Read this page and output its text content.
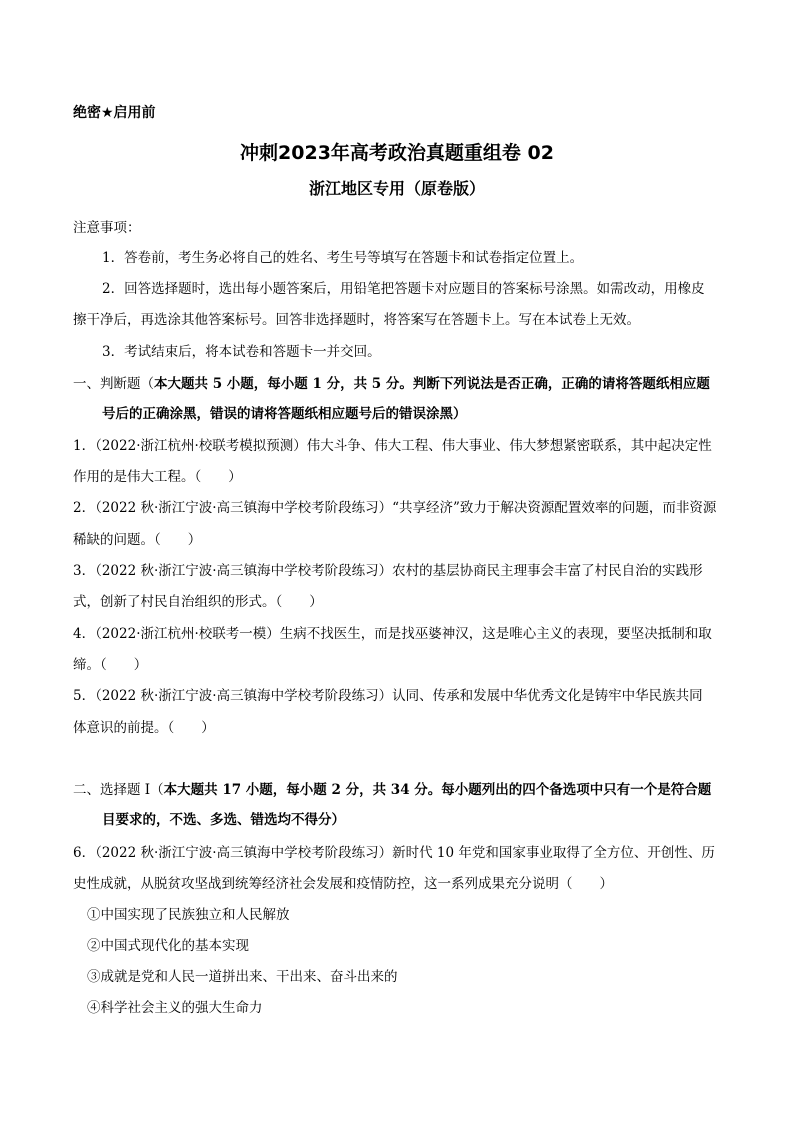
绝密★启用前
冲刺2023年高考政治真题重组卷 02
浙江地区专用（原卷版）
注意事项：
1．答卷前，考生务必将自己的姓名、考生号等填写在答题卡和试卷指定位置上。
2．回答选择题时，选出每小题答案后，用铅笔把答题卡对应题目的答案标号涂黑。如需改动，用橡皮
擦干净后，再选涂其他答案标号。回答非选择题时，将答案写在答题卡上。写在本试卷上无效。
3．考试结束后，将本试卷和答题卡一并交回。
一、判断题（本大题共 5 小题，每小题 1 分，共 5 分。判断下列说法是否正确，正确的请将答题纸相应题
号后的正确涂黑，错误的请将答题纸相应题号后的错误涂黑）
1．（2022·浙江杭州·校联考模拟预测）伟大斗争、伟大工程、伟大事业、伟大梦想紧密联系，其中起决定性
作用的是伟大工程。（　　）
2．（2022 秋·浙江宁波·高三镇海中学校考阶段练习）“共享经济”致力于解决资源配置效率的问题，而非资源
稀缺的问题。（　　）
3．（2022 秋·浙江宁波·高三镇海中学校考阶段练习）农村的基层协商民主理事会丰富了村民自治的实践形
式，创新了村民自治组织的形式。（　　）
4．（2022·浙江杭州·校联考一模）生病不找医生，而是找巫婆神汉，这是唯心主义的表现，要坚决抵制和取
缔。（　　）
5．（2022 秋·浙江宁波·高三镇海中学校考阶段练习）认同、传承和发展中华优秀文化是铸牢中华民族共同
体意识的前提。（　　）
二、选择题 I（本大题共 17 小题，每小题 2 分，共 34 分。每小题列出的四个备选项中只有一个是符合题
目要求的，不选、多选、错选均不得分）
6．（2022 秋·浙江宁波·高三镇海中学校考阶段练习）新时代 10 年党和国家事业取得了全方位、开创性、历
史性成就，从脱贫攻坚战到统筹经济社会发展和疫情防控，这一系列成果充分说明（　　）
①中国实现了民族独立和人民解放
②中国式现代化的基本实现
③成就是党和人民一道拼出来、干出来、奋斗出来的
④科学社会主义的强大生命力
